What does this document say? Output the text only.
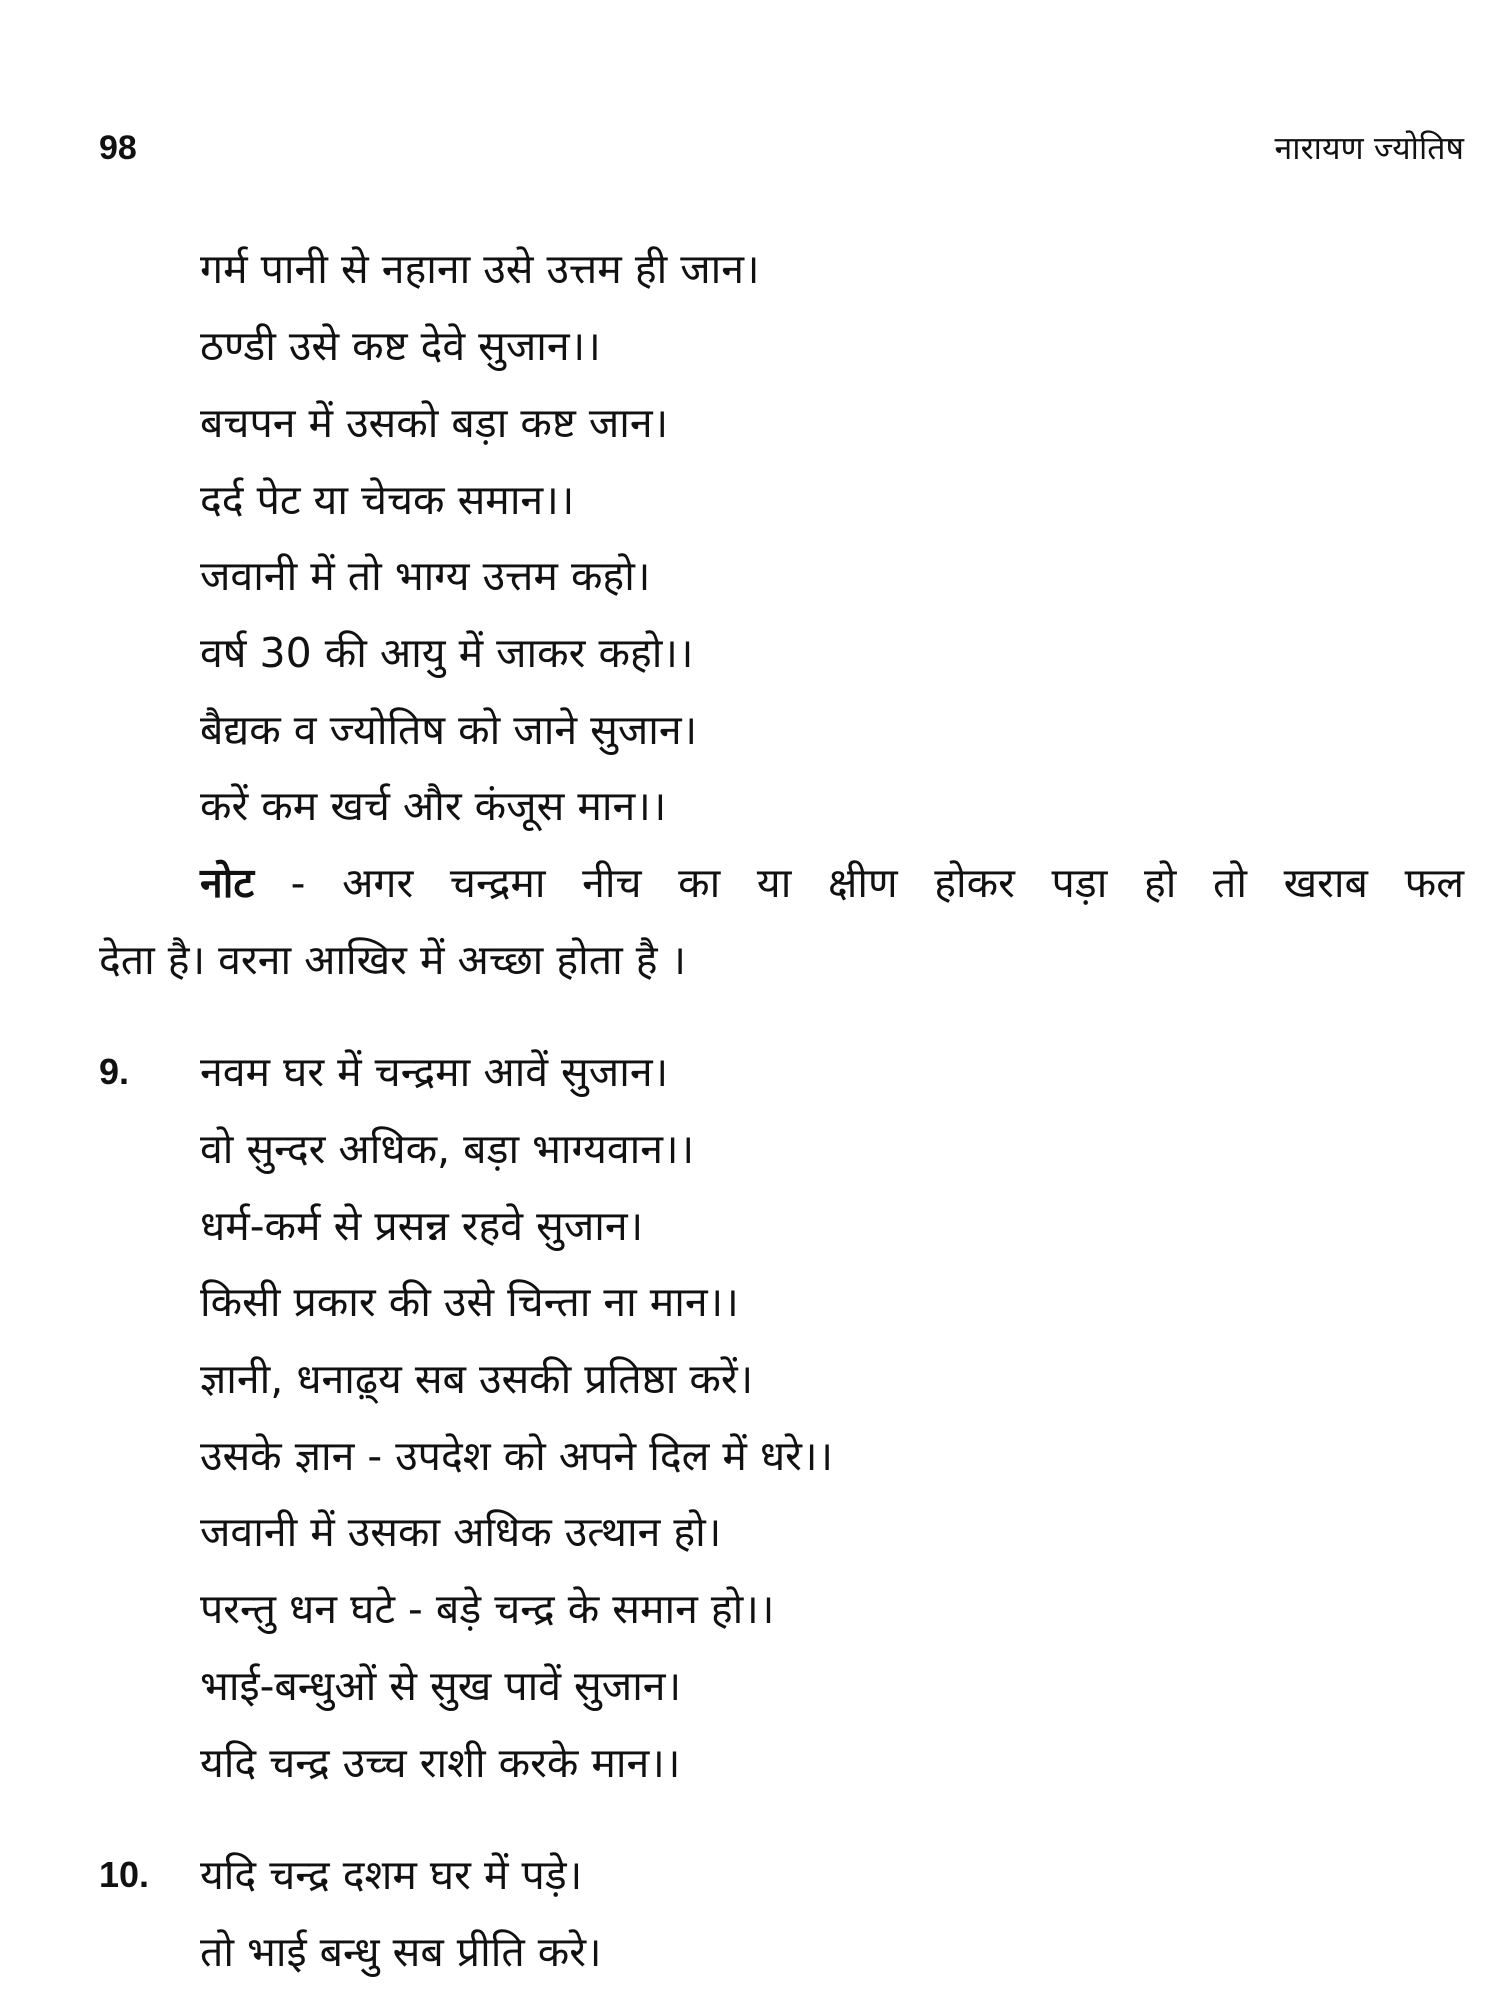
98	नारायण ज्योतिष
गर्म पानी से नहाना उसे उत्तम ही जान।
ठण्डी उसे कष्ट देवे सुजान।।
बचपन में उसको बड़ा कष्ट जान।
दर्द पेट या चेचक समान।।
जवानी में तो भाग्य उत्तम कहो।
वर्ष 30 की आयु में जाकर कहो।।
बैद्यक व ज्योतिष को जाने सुजान।
करें कम खर्च और कंजूस मान।।
नोट - अगर चन्द्रमा नीच का या क्षीण होकर पड़ा हो तो खराब फल
देता है। वरना आखिर में अच्छा होता है ।
9. नवम घर में चन्द्रमा आवें सुजान।
वो सुन्दर अधिक, बड़ा भाग्यवान।।
धर्म-कर्म से प्रसन्न रहवे सुजान।
किसी प्रकार की उसे चिन्ता ना मान।।
ज्ञानी, धनाढ़्य सब उसकी प्रतिष्ठा करें।
उसके ज्ञान - उपदेश को अपने दिल में धरे।।
जवानी में उसका अधिक उत्थान हो।
परन्तु धन घटे - बड़े चन्द्र के समान हो।।
भाई-बन्धुओं से सुख पावें सुजान।
यदि चन्द्र उच्च राशी करके मान।।
10. यदि चन्द्र दशम घर में पड़े।
तो भाई बन्धु सब प्रीति करे।
